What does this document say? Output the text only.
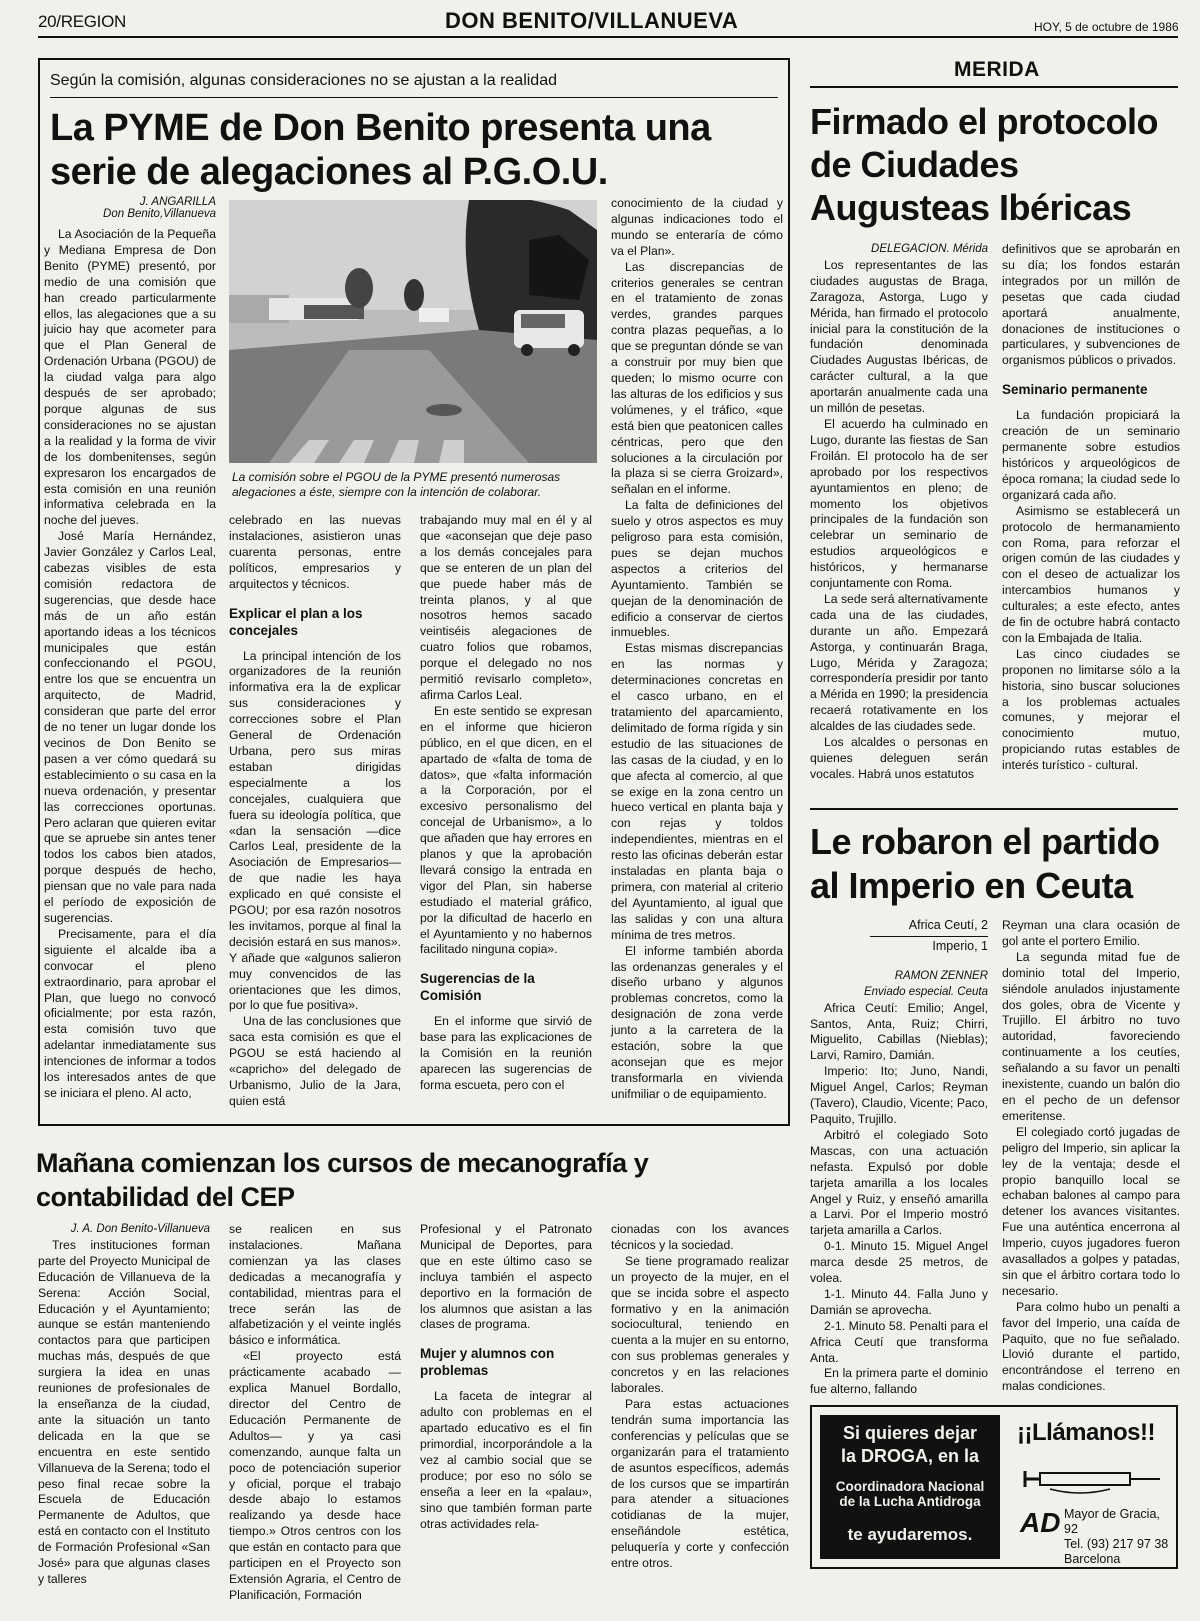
20/REGION	DON BENITO/VILLANUEVA	HOY, 5 de octubre de 1986
Según la comisión, algunas consideraciones no se ajustan a la realidad
La PYME de Don Benito presenta una serie de alegaciones al P.G.O.U.

J. ANGARILLA

Don Benito,Villanueva

La Asociación de la Pequeña y Mediana Empresa de Don Benito (PYME) presentó, por medio de una comisión que han creado particularmente ellos, las alegaciones que a su juicio hay que acometer para que el Plan General de Ordenación Urbana (PGOU) de la ciudad valga para algo después de ser aprobado; porque algunas de sus consideraciones no se ajustan a la realidad y la forma de vivir de los dombenitenses, según expresaron los encargados de esta comisión en una reunión informativa celebrada en la noche del jueves.

José María Hernández, Javier González y Carlos Leal, cabezas visibles de esta comisión redactora de sugerencias, que desde hace más de un año están aportando ideas a los técnicos municipales que están confeccionando el PGOU, entre los que se encuentra un arquitecto, de Madrid, consideran que parte del error de no tener un lugar donde los vecinos de Don Benito se pasen a ver cómo quedará su establecimiento o su casa en la nueva ordenación, y presentar las correcciones oportunas. Pero aclaran que quieren evitar que se apruebe sin antes tener todos los cabos bien atados, porque después de hecho, piensan que no vale para nada el período de exposición de sugerencias.

Precisamente, para el día siguiente el alcalde iba a convocar el pleno extraordinario, para aprobar el Plan, que luego no convocó oficialmente; por esta razón, esta comisión tuvo que adelantar inmediatamente sus intenciones de informar a todos los interesados antes de que se iniciara el pleno. Al acto,

La comisión sobre el PGOU de la PYME presentó numerosas alegaciones a éste, siempre con la intención de colaborar.

celebrado en las nuevas instalaciones, asistieron unas cuarenta personas, entre políticos, empresarios y arquitectos y técnicos.

Explicar el plan a los concejales

La principal intención de los organizadores de la reunión informativa era la de explicar sus consideraciones y correcciones sobre el Plan General de Ordenación Urbana, pero sus miras estaban dirigidas especialmente a los concejales, cualquiera que fuera su ideología política, que «dan la sensación —dice Carlos Leal, presidente de la Asociación de Empresarios— de que nadie les haya explicado en qué consiste el PGOU; por esa razón nosotros les invitamos, porque al final la decisión estará en sus manos». Y añade que «algunos salieron muy convencidos de las orientaciones que les dimos, por lo que fue positiva».

Una de las conclusiones que saca esta comisión es que el PGOU se está haciendo al «capricho» del delegado de Urbanismo, Julio de la Jara, quien está

trabajando muy mal en él y al que «aconsejan que deje paso a los demás concejales para que se enteren de un plan del que puede haber más de treinta planos, y al que nosotros hemos sacado veintiséis alegaciones de cuatro folios que robamos, porque el delegado no nos permitió revisarlo completo», afirma Carlos Leal.

En este sentido se expresan en el informe que hicieron público, en el que dicen, en el apartado de «falta de toma de datos», que «falta información a la Corporación, por el excesivo personalismo del concejal de Urbanismo», a lo que añaden que hay errores en planos y que la aprobación llevará consigo la entrada en vigor del Plan, sin haberse estudiado el material gráfico, por la dificultad de hacerlo en el Ayuntamiento y no habernos facilitado ninguna copia».

Sugerencias de la Comisión

En el informe que sirvió de base para las explicaciones de la Comisión en la reunión aparecen las sugerencias de forma escueta, pero con el

conocimiento de la ciudad y algunas indicaciones todo el mundo se enteraría de cómo va el Plan».

Las discrepancias de criterios generales se centran en el tratamiento de zonas verdes, grandes parques contra plazas pequeñas, a lo que se preguntan dónde se van a construir por muy bien que queden; lo mismo ocurre con las alturas de los edificios y sus volúmenes, y el tráfico, «que está bien que peatonicen calles céntricas, pero que den soluciones a la circulación por la plaza si se cierra Groizard», señalan en el informe.

La falta de definiciones del suelo y otros aspectos es muy peligroso para esta comisión, pues se dejan muchos aspectos a criterios del Ayuntamiento. También se quejan de la denominación de edificio a conservar de ciertos inmuebles.

Estas mismas discrepancias en las normas y determinaciones concretas en el casco urbano, en el tratamiento del aparcamiento, delimitado de forma rígida y sin estudio de las situaciones de las casas de la ciudad, y en lo que afecta al comercio, al que se exige en la zona centro un hueco vertical en planta baja y con rejas y toldos independientes, mientras en el resto las oficinas deberán estar instaladas en planta baja o primera, con material al criterio del Ayuntamiento, al igual que las salidas y con una altura mínima de tres metros.

El informe también aborda las ordenanzas generales y el diseño urbano y algunos problemas concretos, como la designación de zona verde junto a la carretera de la estación, sobre la que aconsejan que es mejor transformarla en vivienda unifmiliar o de equipamiento.

MERIDA
Firmado el protocolo de Ciudades Augusteas Ibéricas

DELEGACION. Mérida

Los representantes de las ciudades augustas de Braga, Zaragoza, Astorga, Lugo y Mérida, han firmado el protocolo inicial para la constitución de la fundación denominada Ciudades Augustas Ibéricas, de carácter cultural, a la que aportarán anualmente cada una un millón de pesetas.

El acuerdo ha culminado en Lugo, durante las fiestas de San Froilán. El protocolo ha de ser aprobado por los respectivos ayuntamientos en pleno; de momento los objetivos principales de la fundación son celebrar un seminario de estudios arqueológicos e históricos, y hermanarse conjuntamente con Roma.

La sede será alternativamente cada una de las ciudades, durante un año. Empezará Astorga, y continuarán Braga, Lugo, Mérida y Zaragoza; correspondería presidir por tanto a Mérida en 1990; la presidencia recaerá rotativamente en los alcaldes de las ciudades sede.

Los alcaldes o personas en quienes deleguen serán vocales. Habrá unos estatutos

definitivos que se aprobarán en su día; los fondos estarán integrados por un millón de pesetas que cada ciudad aportará anualmente, donaciones de instituciones o particulares, y subvenciones de organismos públicos o privados.

Seminario permanente

La fundación propiciará la creación de un seminario permanente sobre estudios históricos y arqueológicos de época romana; la ciudad sede lo organizará cada año.

Asimismo se establecerá un protocolo de hermanamiento con Roma, para reforzar el origen común de las ciudades y con el deseo de actualizar los intercambios humanos y culturales; a este efecto, antes de fin de octubre habrá contacto con la Embajada de Italia.

Las cinco ciudades se proponen no limitarse sólo a la historia, sino buscar soluciones a los problemas actuales comunes, y mejorar el conocimiento mutuo, propiciando rutas estables de interés turístico - cultural.

Le robaron el partido al Imperio en Ceuta

Africa Ceutí, 2

Imperio, 1

RAMON ZENNER

Enviado especial. Ceuta

Africa Ceutí: Emilio; Angel, Santos, Anta, Ruiz; Chirri, Miguelito, Cabillas (Nieblas); Larvi, Ramiro, Damián.

Imperio: Ito; Juno, Nandi, Miguel Angel, Carlos; Reyman (Tavero), Claudio, Vicente; Paco, Paquito, Trujillo.

Arbitró el colegiado Soto Mascas, con una actuación nefasta. Expulsó por doble tarjeta amarilla a los locales Angel y Ruiz, y enseñó amarilla a Larvi. Por el Imperio mostró tarjeta amarilla a Carlos.

0-1. Minuto 15. Miguel Angel marca desde 25 metros, de volea.

1-1. Minuto 44. Falla Juno y Damián se aprovecha.

2-1. Minuto 58. Penalti para el Africa Ceutí que transforma Anta.

En la primera parte el dominio fue alterno, fallando

Reyman una clara ocasión de gol ante el portero Emilio.

La segunda mitad fue de dominio total del Imperio, siéndole anulados injustamente dos goles, obra de Vicente y Trujillo. El árbitro no tuvo autoridad, favoreciendo continuamente a los ceutíes, señalando a su favor un penalti inexistente, cuando un balón dio en el pecho de un defensor emeritense.

El colegiado cortó jugadas de peligro del Imperio, sin aplicar la ley de la ventaja; desde el propio banquillo local se echaban balones al campo para detener los avances visitantes. Fue una auténtica encerrona al Imperio, cuyos jugadores fueron avasallados a golpes y patadas, sin que el árbitro cortara todo lo necesario.

Para colmo hubo un penalti a favor del Imperio, una caída de Paquito, que no fue señalado. Llovió durante el partido, encontrándose el terreno en malas condiciones.

Mañana comienzan los cursos de mecanografía y contabilidad del CEP

J. A. Don Benito-Villanueva

Tres instituciones forman parte del Proyecto Municipal de Educación de Villanueva de la Serena: Acción Social, Educación y el Ayuntamiento; aunque se están manteniendo contactos para que participen muchas más, después de que surgiera la idea en unas reuniones de profesionales de la enseñanza de la ciudad, ante la situación un tanto delicada en la que se encuentra en este sentido Villanueva de la Serena; todo el peso final recae sobre la Escuela de Educación Permanente de Adultos, que está en contacto con el Instituto de Formación Profesional «San José» para que algunas clases y talleres

se realicen en sus instalaciones. Mañana comienzan ya las clases dedicadas a mecanografía y contabilidad, mientras para el trece serán las de alfabetización y el veinte inglés básico e informática.

«El proyecto está prácticamente acabado —explica Manuel Bordallo, director del Centro de Educación Permanente de Adultos— y ya casi comenzando, aunque falta un poco de potenciación superior y oficial, porque el trabajo desde abajo lo estamos realizando ya desde hace tiempo.» Otros centros con los que están en contacto para que participen en el Proyecto son Extensión Agraria, el Centro de Planificación, Formación

Profesional y el Patronato Municipal de Deportes, para que en este último caso se incluya también el aspecto deportivo en la formación de los alumnos que asistan a las clases de programa.

Mujer y alumnos con problemas

La faceta de integrar al adulto con problemas en el apartado educativo es el fin primordial, incorporándole a la vez al cambio social que se produce; por eso no sólo se enseña a leer en la «palau», sino que también forman parte otras actividades rela-

cionadas con los avances técnicos y la sociedad.

Se tiene programado realizar un proyecto de la mujer, en el que se incida sobre el aspecto formativo y en la animación sociocultural, teniendo en cuenta a la mujer en su entorno, con sus problemas generales y concretos y en las relaciones laborales.

Para estas actuaciones tendrán suma importancia las conferencias y películas que se organizarán para el tratamiento de asuntos específicos, además de los cursos que se impartirán para atender a situaciones cotidianas de la mujer, enseñándole estética, peluquería y corte y confección entre otros.

Si quieres dejar
la DROGA, en la
Coordinadora Nacional
de la Lucha Antidroga
te ayudaremos.
¡¡Llámanos!!
AD Mayor de Gracia, 92
Tel. (93) 217 97 38
Barcelona
